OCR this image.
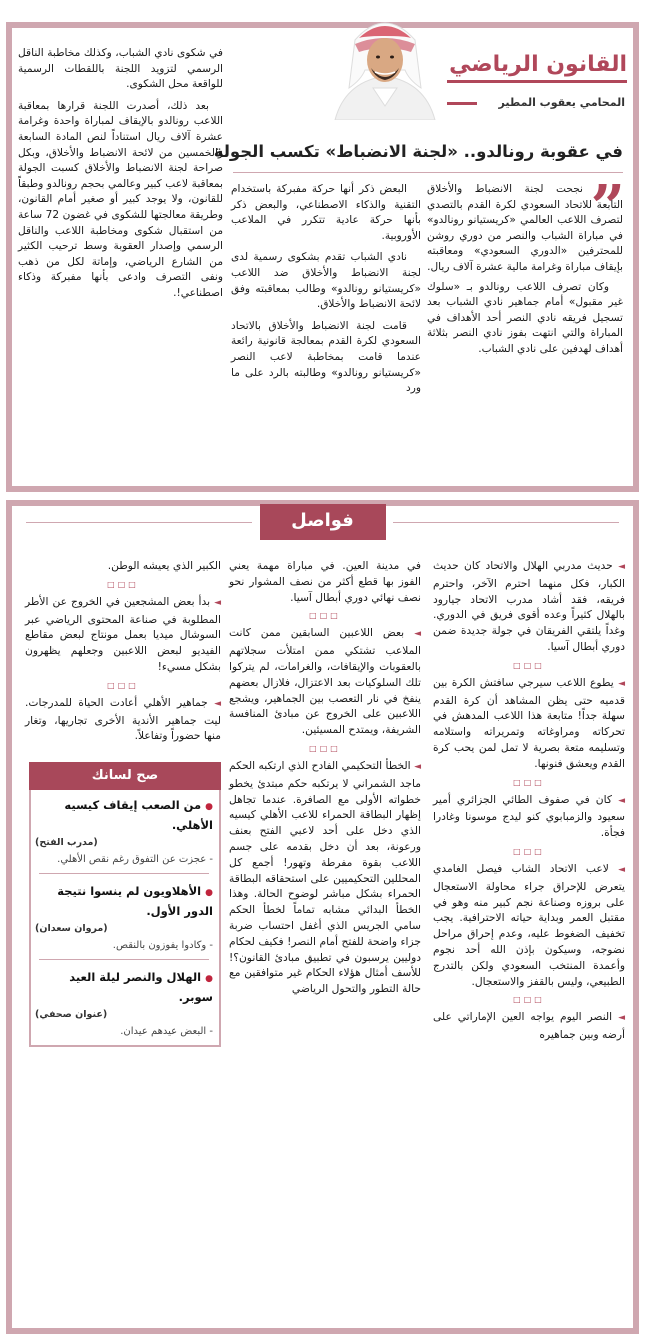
القانون الرياضي
المحامي يعقوب المطير
في عقوبة رونالدو.. «لجنة الانضباط» تكسب الجولة
”

نجحت لجنة الانضباط والأخلاق التابعة للاتحاد السعودي لكرة القدم بالتصدي لتصرف اللاعب العالمي «كريستيانو رونالدو» في مباراة الشباب والنصر من دوري روشن للمحترفين «الدوري السعودي» ومعاقبته بإيقاف مباراة وغرامة مالية عشرة آلاف ريال.

وكان تصرف اللاعب رونالدو بـ «سلوك غير مقبول» أمام جماهير نادي الشباب بعد تسجيل فريقه نادي النصر أحد الأهداف في المباراة والتي انتهت بفوز نادي النصر بثلاثة أهداف لهدفين على نادي الشباب.

البعض ذكر أنها حركة مفبركة باستخدام التقنية والذكاء الاصطناعي، والبعض ذكر بأنها حركة عادية تتكرر في الملاعب الأوروبية.

نادي الشباب تقدم بشكوى رسمية لدى لجنة الانضباط والأخلاق ضد اللاعب «كريستيانو رونالدو» وطالب بمعاقبته وفق لائحة الانضباط والأخلاق.

قامت لجنة الانضباط والأخلاق بالاتحاد السعودي لكرة القدم بمعالجة قانونية رائعة عندما قامت بمخاطبة لاعب النصر «كريستيانو رونالدو» وطالبته بالرد على ما ورد

في شكوى نادي الشباب، وكذلك مخاطبة الناقل الرسمي لتزويد اللجنة باللقطات الرسمية للواقعة محل الشكوى.

بعد ذلك، أصدرت اللجنة قرارها بمعاقبة اللاعب رونالدو بالإيقاف لمباراة واحدة وغرامة عشرة آلاف ريال استناداً لنص المادة السابعة والخمسين من لائحة الانضباط والأخلاق، وبكل صراحة لجنة الانضباط والأخلاق كسبت الجولة بمعاقبة لاعب كبير وعالمي بحجم رونالدو وطبقاً للقانون، ولا يوجد كبير أو صغير أمام القانون، وطريقة معالجتها للشكوى في غضون 72 ساعة من استقبال شكوى ومخاطبة اللاعب والناقل الرسمي وإصدار العقوبة وسط ترحيب الكثير من الشارع الرياضي، وإماتة لكل من ذهب ونفى التصرف وادعى بأنها مفبركة وذكاء اصطناعي!.

فواصل

◄ حديث مدربي الهلال والاتحاد كان حديث الكبار، فكل منهما احترم الآخر، واحترم فريقه، فقد أشاد مدرب الاتحاد جيارود بالهلال كثيراً وعده أقوى فريق في الدوري. وغداً يلتقي الفريقان في جولة جديدة ضمن دوري أبطال آسيا.

□□□

◄ يطوع اللاعب سيرجي سافتش الكرة بين قدميه حتى يظن المشاهد أن كرة القدم سهلة جداً! متابعة هذا اللاعب المدهش في تحركاته ومراوغاته وتمريراته واستلامه وتسليمه متعة بصرية لا تمل لمن يحب كرة القدم ويعشق فنونها.

□□□

◄ كان في صفوف الطائي الجزائري أمير سعيود والزمبابوي كنو ليدج موسونا وغادرا فجأة.

□□□

◄ لاعب الاتحاد الشاب فيصل الغامدي يتعرض للإحراق جراء محاولة الاستعجال على بروزه وصناعة نجم كبير منه وهو في مقتبل العمر وبداية حياته الاحترافية. يجب تخفيف الضغوط عليه، وعدم إحراق مراحل نضوجه، وسيكون بإذن الله أحد نجوم وأعمدة المنتخب السعودي ولكن بالتدرج الطبيعي، وليس بالقفز والاستعجال.

□□□

◄ النصر اليوم يواجه العين الإماراتي على أرضه وبين جماهيره

في مدينة العين. في مباراة مهمة يعني الفوز بها قطع أكثر من نصف المشوار نحو نصف نهائي دوري أبطال آسيا.

□□□

◄ بعض اللاعبين السابقين ممن كانت الملاعب تشتكي ممن امتلأت سجلاتهم بالعقوبات والإيقافات، والغرامات، لم يتركوا تلك السلوكيات بعد الاعتزال، فلازال بعضهم ينفخ في نار التعصب بين الجماهير، ويشجع اللاعبين على الخروج عن مبادئ المنافسة الشريفة، ويمتدح المسيئين.

□□□

◄ الخطأ التحكيمي الفادح الذي ارتكبه الحكم ماجد الشمراني لا يرتكبه حكم مبتدئ يخطو خطواته الأولى مع الصافرة. عندما تجاهل إظهار البطاقة الحمراء للاعب الأهلي كيسيه الذي دخل على أحد لاعبي الفتح بعنف ورعونة، بعد أن دخل بقدمه على جسم اللاعب بقوة مفرطة وتهور! أجمع كل المحللين التحكيميين على استحقاقه البطاقة الحمراء بشكل مباشر لوضوح الحالة. وهذا الخطأ البدائي مشابه تماماً لخطأ الحكم سامي الجريس الذي أغفل احتساب ضربة جزاء واضحة للفتح أمام النصر! فكيف لحكام دوليين يرسبون في تطبيق مبادئ القانون؟! للأسف أمثال هؤلاء الحكام غير متوافقين مع حالة التطور والتحول الرياضي

الكبير الذي يعيشه الوطن.

□□□

◄ بدأ بعض المشجعين في الخروج عن الأطر المطلوبة في صناعة المحتوى الرياضي عبر السوشال ميديا بعمل مونتاج لبعض مقاطع الفيديو لبعض اللاعبين وجعلهم يظهرون بشكل مسيء!

□□□

◄ جماهير الأهلي أعادت الحياة للمدرجات. ليت جماهير الأندية الأخرى تجاريها، وتغار منها حضوراً وتفاعلاً.

صح لسانك
● من الصعب إيقاف كيسيه الأهلي.
(مدرب الفتح)
- عجزت عن التفوق رغم نقص الأهلي.
● الأهلاويون لم ينسوا نتيجة الدور الأول.
(مروان سعدان)
- وكادوا يفوزون بالنقص.
● الهلال والنصر ليلة العيد سوبر.
(عنوان صحفي)
- البعض عيدهم عيدان.
